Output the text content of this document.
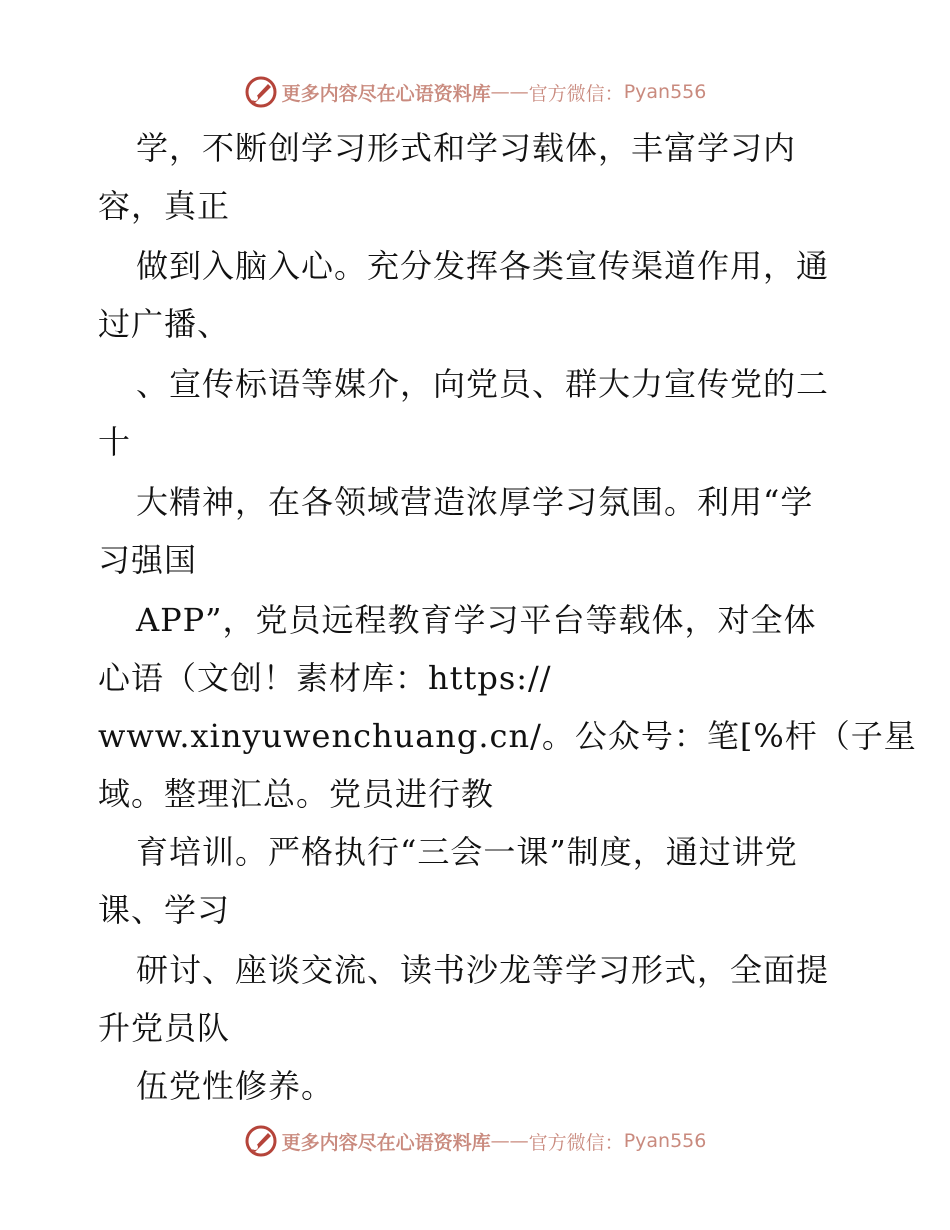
更多内容尽在心语资料库 —— 官方微信： Pyan556
学，不断创学习形式和学习载体，丰富学习内
容，真正
做到入脑入心。充分发挥各类宣传渠道作用，通
过广播、
、宣传标语等媒介，向党员、群大力宣传党的二
十
大精神，在各领域营造浓厚学习氛围。利用“学
习强国
APP”，党员远程教育学习平台等载体，对全体
心语（文创！素材库：https://
www.xinyuwenchuang.cn/。公众号：笔[%杆（子星
域。整理汇总。党员进行教
育培训。严格执行“三会一课”制度，通过讲党
课、学习
研讨、座谈交流、读书沙龙等学习形式，全面提
升党员队
伍党性修养。
更多内容尽在心语资料库 —— 官方微信： Pyan556
